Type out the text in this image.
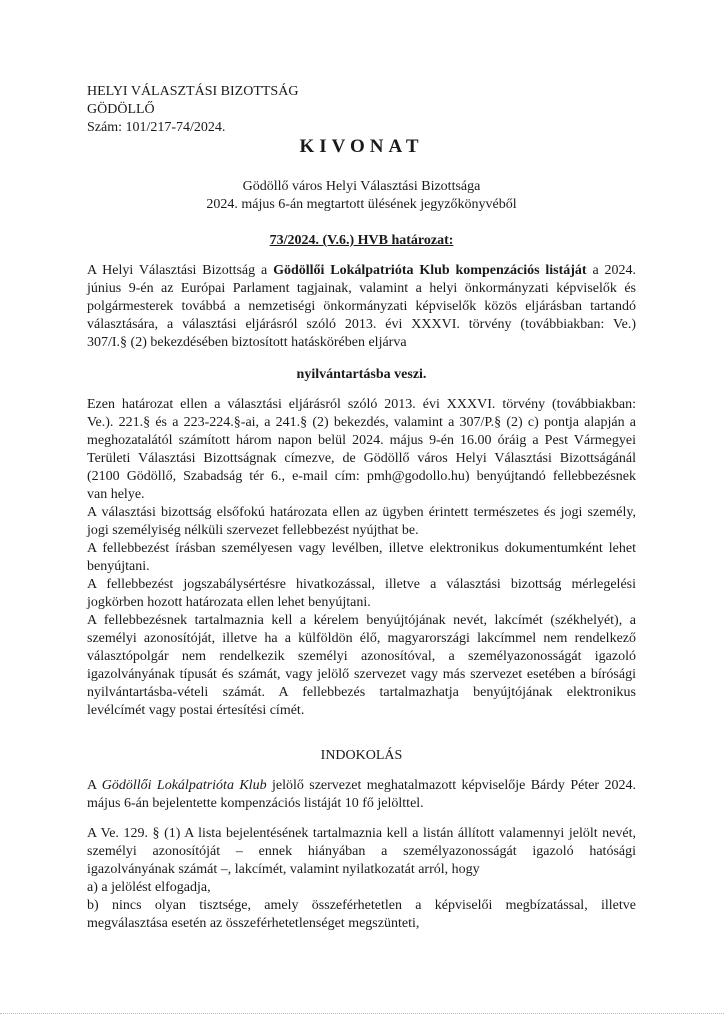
HELYI VÁLASZTÁSI BIZOTTSÁG
GÖDÖLLŐ
Szám: 101/217-74/2024.
KIVONAT
Gödöllő város Helyi Választási Bizottsága
2024. május 6-án megtartott ülésének jegyzőkönyvéből
73/2024. (V.6.) HVB határozat:
A Helyi Választási Bizottság a Gödöllői Lokálpatrióta Klub kompenzációs listáját a 2024.
június 9-én az Európai Parlament tagjainak, valamint a helyi önkormányzati képviselők és
polgármesterek továbbá a nemzetiségi önkormányzati képviselők közös eljárásban tartandó
választására, a választási eljárásról szóló 2013. évi XXXVI. törvény (továbbiakban: Ve.)
307/I.§ (2) bekezdésében biztosított hatáskörében eljárva
nyilvántartásba veszi.
Ezen határozat ellen a választási eljárásról szóló 2013. évi XXXVI. törvény (továbbiakban:
Ve.). 221.§ és a 223-224.§-ai, a 241.§ (2) bekezdés, valamint a 307/P.§ (2) c) pontja alapján a
meghozatalától számított három napon belül 2024. május 9-én 16.00 óráig a Pest Vármegyei
Területi Választási Bizottságnak címezve, de Gödöllő város Helyi Választási Bizottságánál
(2100 Gödöllő, Szabadság tér 6., e-mail cím: pmh@godollo.hu) benyújtandó fellebbezésnek
van helye.
A választási bizottság elsőfokú határozata ellen az ügyben érintett természetes és jogi személy,
jogi személyiség nélküli szervezet fellebbezést nyújthat be.
A fellebbezést írásban személyesen vagy levélben, illetve elektronikus dokumentumként lehet
benyújtani.
A fellebbezést jogszabálysértésre hivatkozással, illetve a választási bizottság mérlegelési
jogkörben hozott határozata ellen lehet benyújtani.
A fellebbezésnek tartalmaznia kell a kérelem benyújtójának nevét, lakcímét (székhelyét), a
személyi azonosítóját, illetve ha a külföldön élő, magyarországi lakcímmel nem rendelkező
választópolgár nem rendelkezik személyi azonosítóval, a személyazonosságát igazoló
igazolványának típusát és számát, vagy jelölő szervezet vagy más szervezet esetében a bírósági
nyilvántartásba-vételi számát. A fellebbezés tartalmazhatja benyújtójának elektronikus
levélcímét vagy postai értesítési címét.
INDOKOLÁS
A Gödöllői Lokálpatrióta Klub jelölő szervezet meghatalmazott képviselője Bárdy Péter 2024.
május 6-án bejelentette kompenzációs listáját 10 fő jelölttel.
A Ve. 129. § (1) A lista bejelentésének tartalmaznia kell a listán állított valamennyi jelölt nevét,
személyi azonosítóját – ennek hiányában a személyazonosságát igazoló hatósági
igazolványának számát –, lakcímét, valamint nyilatkozatát arról, hogy
a) a jelölést elfogadja,
b) nincs olyan tisztsége, amely összeférhetetlen a képviselői megbízatással, illetve
megválasztása esetén az összeférhetetlenséget megszünteti,
